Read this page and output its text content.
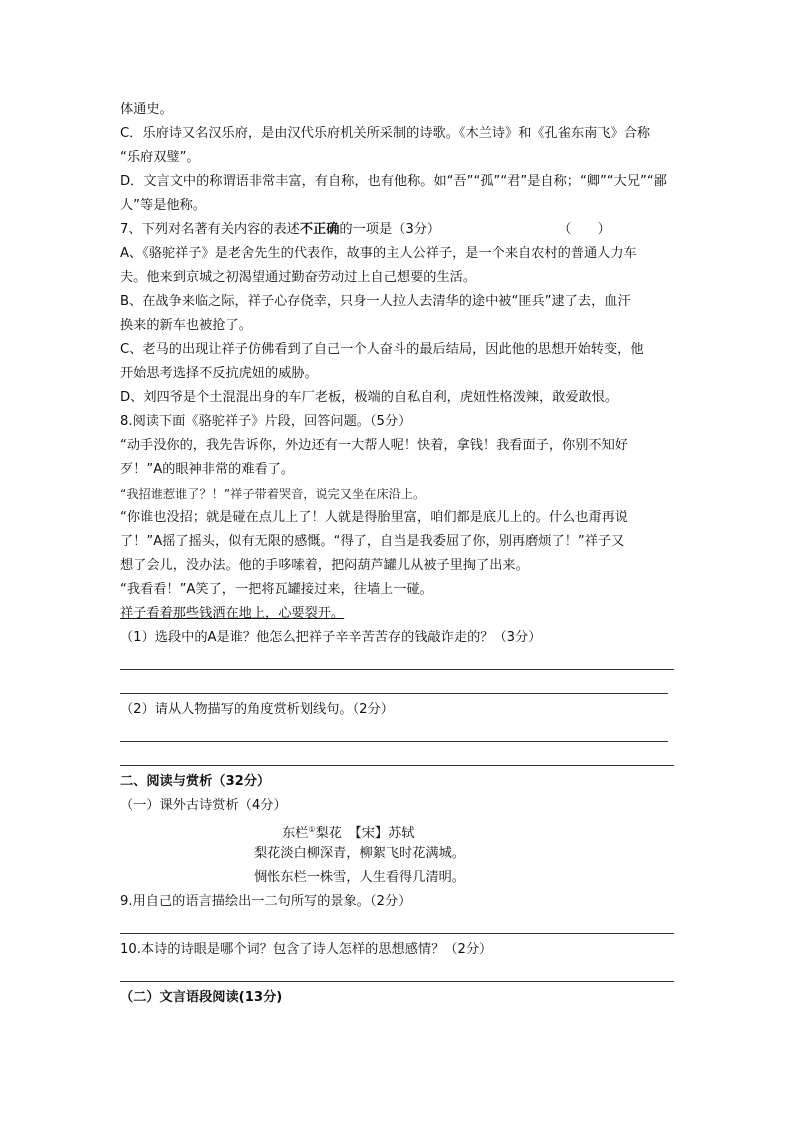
体通史。
C．乐府诗又名汉乐府，是由汉代乐府机关所采制的诗歌。《木兰诗》和《孔雀东南飞》合称
“乐府双璧”。
D．文言文中的称谓语非常丰富，有自称，也有他称。如“吾”“孤”“君”是自称；“卿”“大兄”“鄙
人”等是他称。
7、下列对名著有关内容的表述不正确的一项是（3分）	（　　）
A、《骆驼祥子》是老舍先生的代表作，故事的主人公祥子，是一个来自农村的普通人力车
夫。他来到京城之初渴望通过勤奋劳动过上自己想要的生活。
B、在战争来临之际，祥子心存侥幸，只身一人拉人去清华的途中被“匪兵”逮了去，血汗
换来的新车也被抢了。
C、老马的出现让祥子仿佛看到了自己一个人奋斗的最后结局，因此他的思想开始转变，他
开始思考选择不反抗虎妞的威胁。
D、刘四爷是个土混混出身的车厂老板，极端的自私自利，虎妞性格泼辣，敢爱敢恨。
8.阅读下面《骆驼祥子》片段，回答问题。（5分）
“动手没你的，我先告诉你，外边还有一大帮人呢！快着，拿钱！我看面子，你别不知好
歹！”A的眼神非常的难看了。
“我招谁惹谁了？！”祥子带着哭音，说完又坐在床沿上。
“你谁也没招；就是碰在点儿上了！人就是得胎里富，咱们都是底儿上的。什么也甭再说
了！”A摇了摇头，似有无限的感慨。“得了，自当是我委屈了你，别再磨烦了！”祥子又
想了会儿，没办法。他的手哆嗦着，把闷葫芦罐儿从被子里掏了出来。
“我看看！”A笑了，一把将瓦罐接过来，往墙上一碰。
祥子看着那些钱洒在地上，心要裂开。
（1）选段中的A是谁？他怎么把祥子辛辛苦苦存的钱敲诈走的？（3分）
（2）请从人物描写的角度赏析划线句。（2分）
二、阅读与赏析（32分）
（一）课外古诗赏析（4分）
东栏①梨花　【宋】苏轼
梨花淡白柳深青，柳絮飞时花满城。
惆怅东栏一株雪，人生看得几清明。
9.用自己的语言描绘出一二句所写的景象。（2分）
10.本诗的诗眼是哪个词？包含了诗人怎样的思想感情？（2分）
（二）文言语段阅读(13分)
